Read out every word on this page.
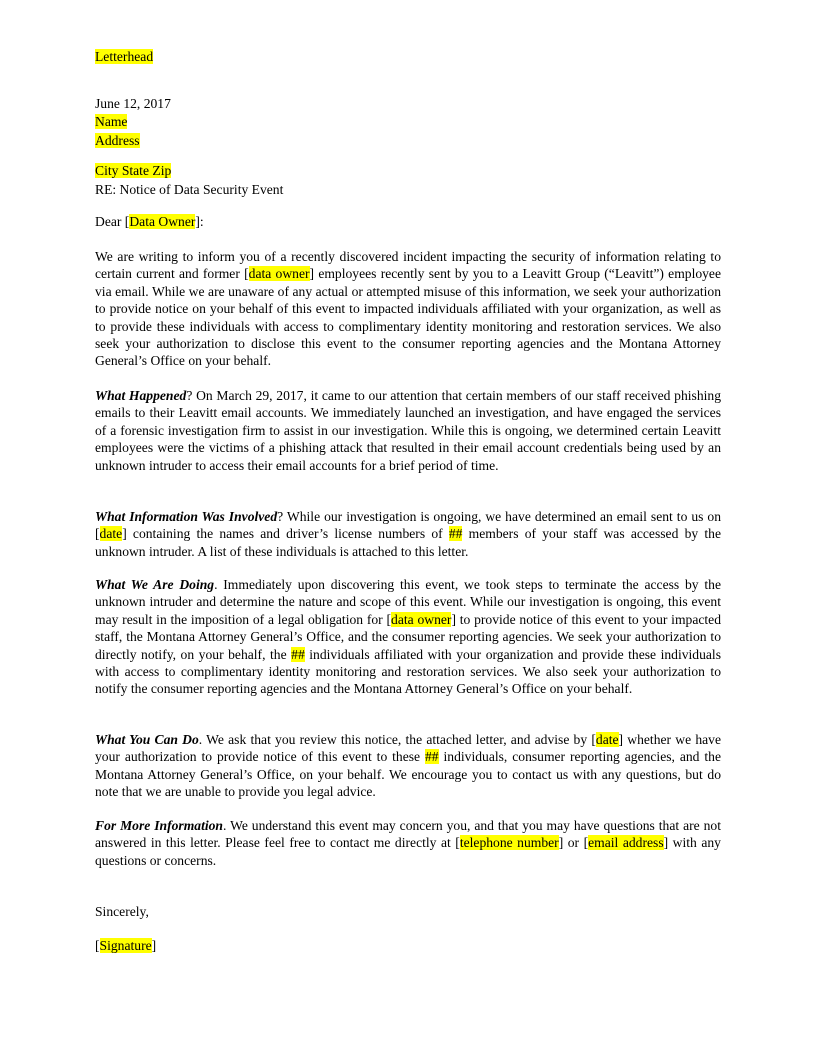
Letterhead
June 12, 2017
Name
Address
City State Zip
RE: Notice of Data Security Event
Dear [Data Owner]:
We are writing to inform you of a recently discovered incident impacting the security of information relating to certain current and former [data owner] employees recently sent by you to a Leavitt Group (“Leavitt”) employee via email. While we are unaware of any actual or attempted misuse of this information, we seek your authorization to provide notice on your behalf of this event to impacted individuals affiliated with your organization, as well as to provide these individuals with access to complimentary identity monitoring and restoration services. We also seek your authorization to disclose this event to the consumer reporting agencies and the Montana Attorney General’s Office on your behalf.
What Happened? On March 29, 2017, it came to our attention that certain members of our staff received phishing emails to their Leavitt email accounts. We immediately launched an investigation, and have engaged the services of a forensic investigation firm to assist in our investigation. While this is ongoing, we determined certain Leavitt employees were the victims of a phishing attack that resulted in their email account credentials being used by an unknown intruder to access their email accounts for a brief period of time.
What Information Was Involved? While our investigation is ongoing, we have determined an email sent to us on [date] containing the names and driver’s license numbers of ## members of your staff was accessed by the unknown intruder. A list of these individuals is attached to this letter.
What We Are Doing. Immediately upon discovering this event, we took steps to terminate the access by the unknown intruder and determine the nature and scope of this event. While our investigation is ongoing, this event may result in the imposition of a legal obligation for [data owner] to provide notice of this event to your impacted staff, the Montana Attorney General’s Office, and the consumer reporting agencies. We seek your authorization to directly notify, on your behalf, the ## individuals affiliated with your organization and provide these individuals with access to complimentary identity monitoring and restoration services. We also seek your authorization to notify the consumer reporting agencies and the Montana Attorney General’s Office on your behalf.
What You Can Do. We ask that you review this notice, the attached letter, and advise by [date] whether we have your authorization to provide notice of this event to these ## individuals, consumer reporting agencies, and the Montana Attorney General’s Office, on your behalf. We encourage you to contact us with any questions, but do note that we are unable to provide you legal advice.
For More Information. We understand this event may concern you, and that you may have questions that are not answered in this letter. Please feel free to contact me directly at [telephone number] or [email address] with any questions or concerns.
Sincerely,
[Signature]
